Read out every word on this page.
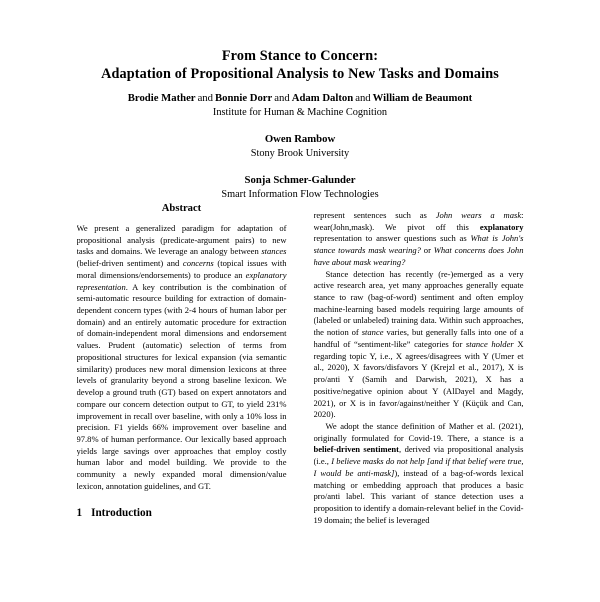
From Stance to Concern:
Adaptation of Propositional Analysis to New Tasks and Domains
Brodie Mather and Bonnie Dorr and Adam Dalton and William de Beaumont
Institute for Human & Machine Cognition
Owen Rambow
Stony Brook University
Sonja Schmer-Galunder
Smart Information Flow Technologies
Abstract

We present a generalized paradigm for adaptation of propositional analysis (predicate-argument pairs) to new tasks and domains. We leverage an analogy between stances (belief-driven sentiment) and concerns (topical issues with moral dimensions/endorsements) to produce an explanatory representation. A key contribution is the combination of semi-automatic resource building for extraction of domain-dependent concern types (with 2-4 hours of human labor per domain) and an entirely automatic procedure for extraction of domain-independent moral dimensions and endorsement values. Prudent (automatic) selection of terms from propositional structures for lexical expansion (via semantic similarity) produces new moral dimension lexicons at three levels of granularity beyond a strong baseline lexicon. We develop a ground truth (GT) based on expert annotators and compare our concern detection output to GT, to yield 231% improvement in recall over baseline, with only a 10% loss in precision. F1 yields 66% improvement over baseline and 97.8% of human performance. Our lexically based approach yields large savings over approaches that employ costly human labor and model building. We provide to the community a newly expanded moral dimension/value lexicon, annotation guidelines, and GT.

1 Introduction

represent sentences such as John wears a mask: wear(John,mask). We pivot off this explanatory representation to answer questions such as What is John's stance towards mask wearing? or What concerns does John have about mask wearing?

Stance detection has recently (re-)emerged as a very active research area, yet many approaches generally equate stance to raw (bag-of-word) sentiment and often employ machine-learning based models requiring large amounts of (labeled or unlabeled) training data. Within such approaches, the notion of stance varies, but generally falls into one of a handful of “sentiment-like” categories for stance holder X regarding topic Y, i.e., X agrees/disagrees with Y (Umer et al., 2020), X favors/disfavors Y (Krejzl et al., 2017), X is pro/anti Y (Samih and Darwish, 2021), X has a positive/negative opinion about Y (AlDayel and Magdy, 2021), or X is in favor/against/neither Y (Küçük and Can, 2020).

We adopt the stance definition of Mather et al. (2021), originally formulated for Covid-19. There, a stance is a belief-driven sentiment, derived via propositional analysis (i.e., I believe masks do not help [and if that belief were true, I would be anti-mask]), instead of a bag-of-words lexical matching or embedding approach that produces a basic pro/anti label. This variant of stance detection uses a proposition to identify a domain-relevant belief in the Covid-19 domain; the belief is leveraged
